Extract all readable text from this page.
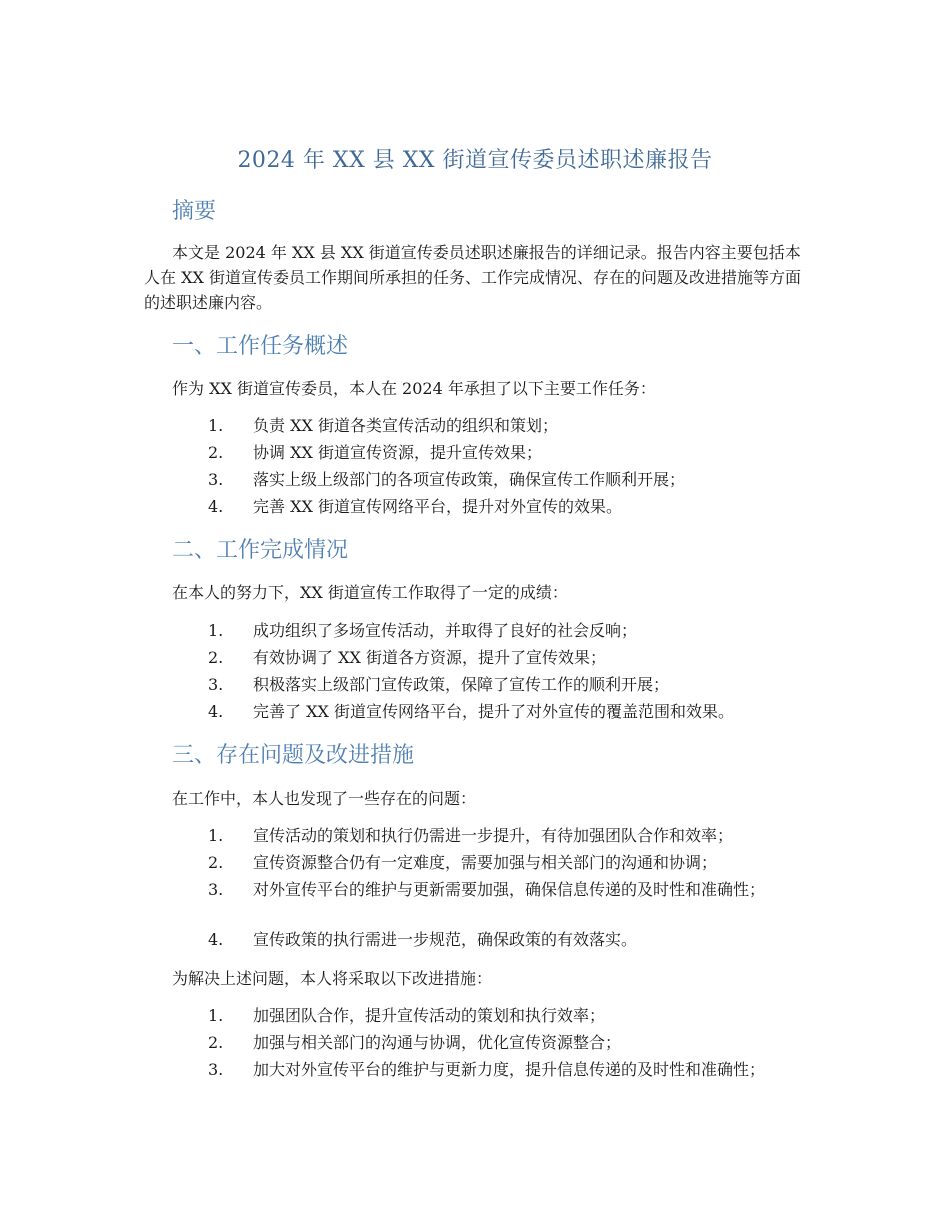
2024 年 XX 县 XX 街道宣传委员述职述廉报告
摘要
本文是 2024 年 XX 县 XX 街道宣传委员述职述廉报告的详细记录。报告内容主要包括本人在 XX 街道宣传委员工作期间所承担的任务、工作完成情况、存在的问题及改进措施等方面的述职述廉内容。
一、工作任务概述
作为 XX 街道宣传委员，本人在 2024 年承担了以下主要工作任务：
1.	负责 XX 街道各类宣传活动的组织和策划；
2.	协调 XX 街道宣传资源，提升宣传效果；
3.	落实上级上级部门的各项宣传政策，确保宣传工作顺利开展；
4.	完善 XX 街道宣传网络平台，提升对外宣传的效果。
二、工作完成情况
在本人的努力下，XX 街道宣传工作取得了一定的成绩：
1.	成功组织了多场宣传活动，并取得了良好的社会反响；
2.	有效协调了 XX 街道各方资源，提升了宣传效果；
3.	积极落实上级部门宣传政策，保障了宣传工作的顺利开展；
4.	完善了 XX 街道宣传网络平台，提升了对外宣传的覆盖范围和效果。
三、存在问题及改进措施
在工作中，本人也发现了一些存在的问题：
1.	宣传活动的策划和执行仍需进一步提升，有待加强团队合作和效率；
2.	宣传资源整合仍有一定难度，需要加强与相关部门的沟通和协调；
3.	对外宣传平台的维护与更新需要加强，确保信息传递的及时性和准确性；
4.	宣传政策的执行需进一步规范，确保政策的有效落实。
为解决上述问题，本人将采取以下改进措施：
1.	加强团队合作，提升宣传活动的策划和执行效率；
2.	加强与相关部门的沟通与协调，优化宣传资源整合；
3.	加大对外宣传平台的维护与更新力度，提升信息传递的及时性和准确性；
